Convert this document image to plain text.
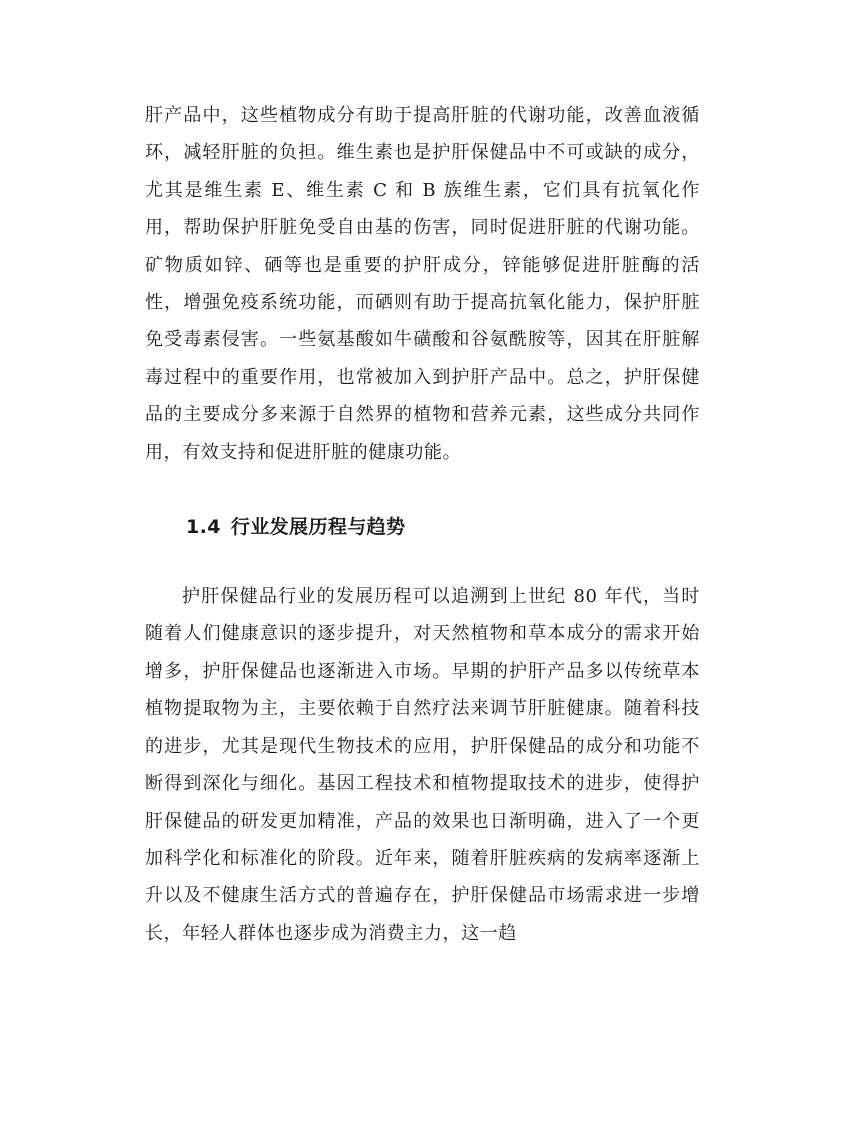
肝产品中，这些植物成分有助于提高肝脏的代谢功能，改善血液循环，减轻肝脏的负担。维生素也是护肝保健品中不可或缺的成分，尤其是维生素 E、维生素 C 和 B 族维生素，它们具有抗氧化作用，帮助保护肝脏免受自由基的伤害，同时促进肝脏的代谢功能。矿物质如锌、硒等也是重要的护肝成分，锌能够促进肝脏酶的活性，增强免疫系统功能，而硒则有助于提高抗氧化能力，保护肝脏免受毒素侵害。一些氨基酸如牛磺酸和谷氨酰胺等，因其在肝脏解毒过程中的重要作用，也常被加入到护肝产品中。总之，护肝保健品的主要成分多来源于自然界的植物和营养元素，这些成分共同作用，有效支持和促进肝脏的健康功能。

1.4 行业发展历程与趋势

护肝保健品行业的发展历程可以追溯到上世纪 80 年代，当时随着人们健康意识的逐步提升，对天然植物和草本成分的需求开始增多，护肝保健品也逐渐进入市场。早期的护肝产品多以传统草本植物提取物为主，主要依赖于自然疗法来调节肝脏健康。随着科技的进步，尤其是现代生物技术的应用，护肝保健品的成分和功能不断得到深化与细化。基因工程技术和植物提取技术的进步，使得护肝保健品的研发更加精准，产品的效果也日渐明确，进入了一个更加科学化和标准化的阶段。近年来，随着肝脏疾病的发病率逐渐上升以及不健康生活方式的普遍存在，护肝保健品市场需求进一步增长，年轻人群体也逐步成为消费主力，这一趋
